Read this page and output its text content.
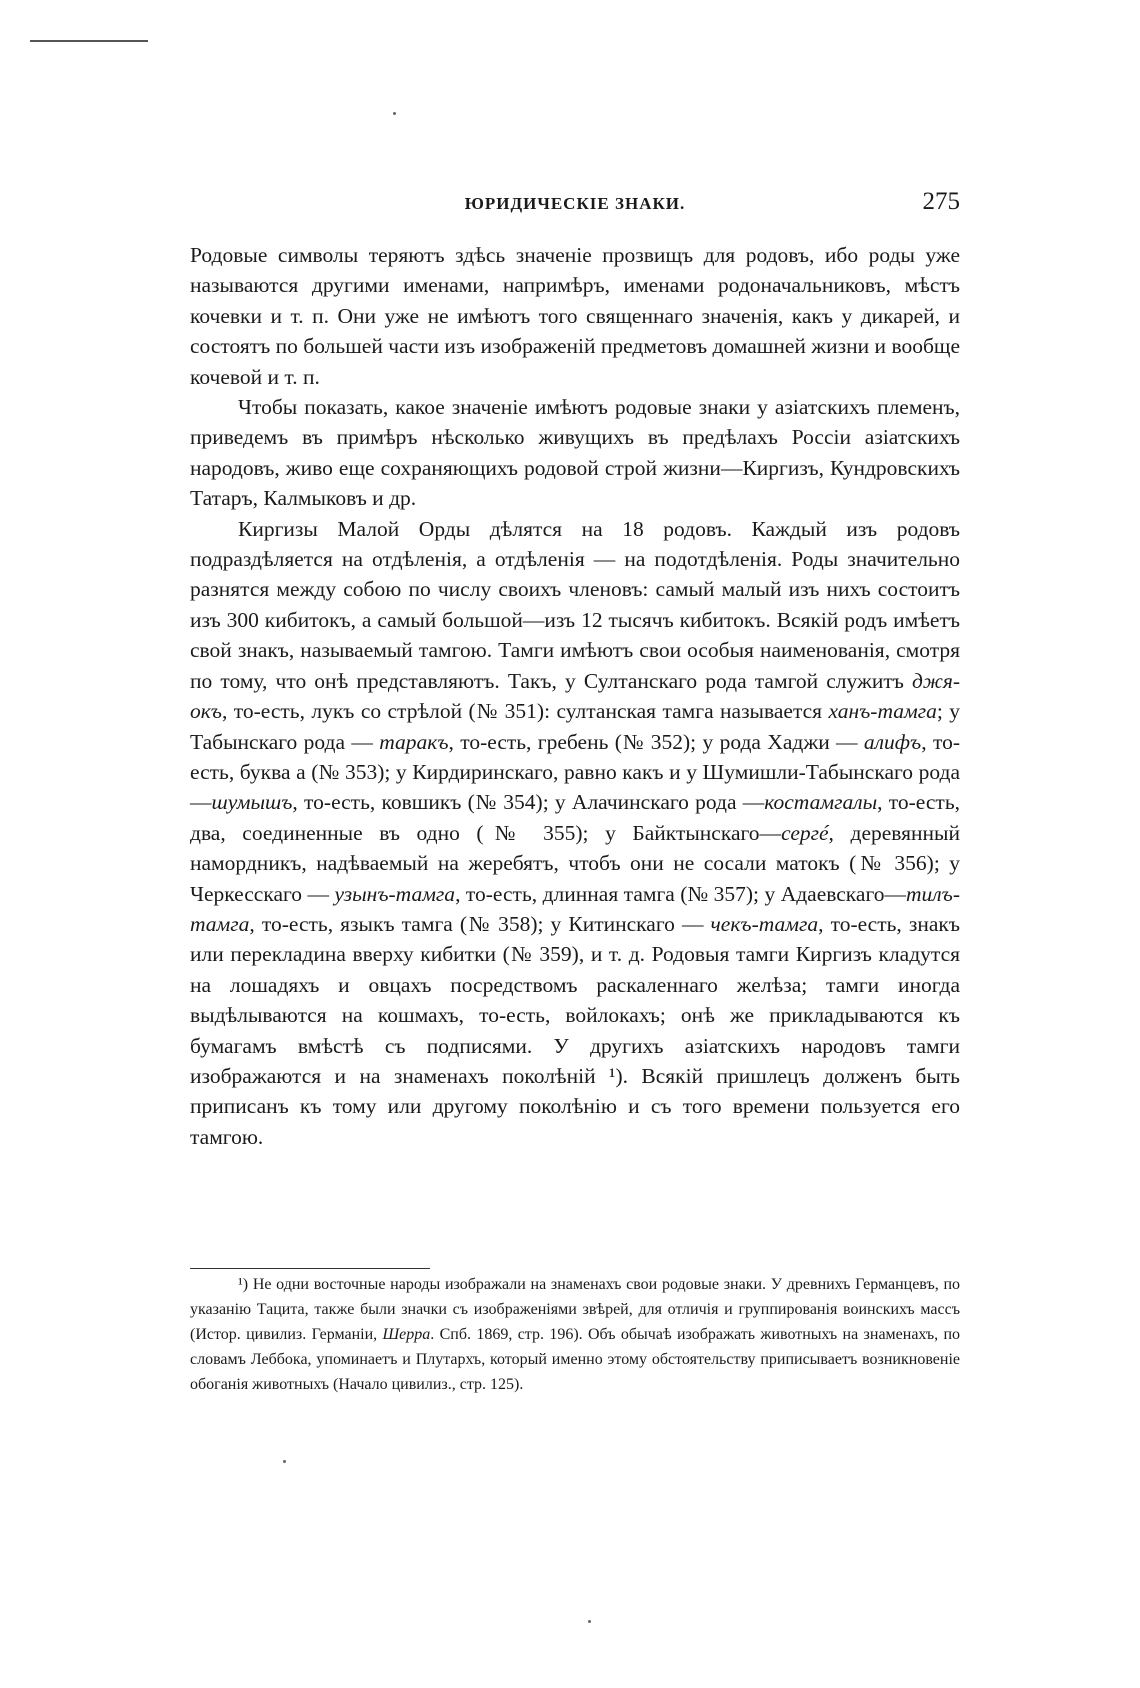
ЮРИДИЧЕСКІЕ ЗНАКИ.	275

Родовые символы теряютъ здѣсь значеніе прозвищъ для родовъ, ибо роды уже называются другими именами, напримѣръ, именами родоначальниковъ, мѣстъ кочевки и т. п. Они уже не имѣютъ того священнаго значенія, какъ у дикарей, и состоятъ по большей части изъ изображеній предметовъ домашней жизни и вообще кочевой и т. п.

Чтобы показать, какое значеніе имѣютъ родовые знаки у азіатскихъ племенъ, приведемъ въ примѣръ нѣсколько живущихъ въ предѣлахъ Россіи азіатскихъ народовъ, живо еще сохраняющихъ родовой строй жизни—Киргизъ, Кундровскихъ Татаръ, Калмыковъ и др.

Киргизы Малой Орды дѣлятся на 18 родовъ. Каждый изъ родовъ подраздѣляется на отдѣленія, а отдѣленія — на подотдѣленія. Роды значительно разнятся между собою по числу своихъ членовъ: самый малый изъ нихъ состоитъ изъ 300 кибитокъ, а самый большой—изъ 12 тысячъ кибитокъ. Всякій родъ имѣетъ свой знакъ, называемый тамгою. Тамги имѣютъ свои особыя наименованія, смотря по тому, что онѣ представляютъ. Такъ, у Султанскаго рода тамгой служитъ джя-окъ, то-есть, лукъ со стрѣлой (№ 351): султанская тамга называется ханъ-тамга; у Табынскаго рода — таракъ, то-есть, гребень (№ 352); у рода Хаджи — алифъ, то-есть, буква а (№ 353); у Кирдиринскаго, равно какъ и у Шумишли-Табынскаго рода—шумышъ, то-есть, ковшикъ (№ 354); у Алачинскаго рода —костамгалы, то-есть, два, соединенные въ одно (№ 355); у Байктынскаго—сергé, деревянный намордникъ, надѣваемый на жеребятъ, чтобъ они не сосали матокъ (№ 356); у Черкесскаго — узынъ-тамга, то-есть, длинная тамга (№ 357); у Адаевскаго—тилъ-тамга, то-есть, языкъ тамга (№ 358); у Китинскаго — чекъ-тамга, то-есть, знакъ или перекладина вверху кибитки (№ 359), и т. д. Родовыя тамги Киргизъ кладутся на лошадяхъ и овцахъ посредствомъ раскаленнаго желѣза; тамги иногда выдѣлываются на кошмахъ, то-есть, войлокахъ; онѣ же прикладываются къ бумагамъ вмѣстѣ съ подписями. У другихъ азіатскихъ народовъ тамги изображаются и на знаменахъ поколѣній ¹). Всякій пришлецъ долженъ быть приписанъ къ тому или другому поколѣнію и съ того времени пользуется его тамгою.

¹) Не одни восточные народы изображали на знаменахъ свои родовые знаки. У древнихъ Германцевъ, по указанію Тацита, также были значки съ изображеніями звѣрей, для отличія и группированія воинскихъ массъ (Истор. цивилиз. Германіи, Шерра. Спб. 1869, стр. 196). Объ обычаѣ изображать животныхъ на знаменахъ, по словамъ Леббока, упоминаетъ и Плутархъ, который именно этому обстоятельству приписываетъ возникновеніе обоганія животныхъ (Начало цивилиз., стр. 125).
